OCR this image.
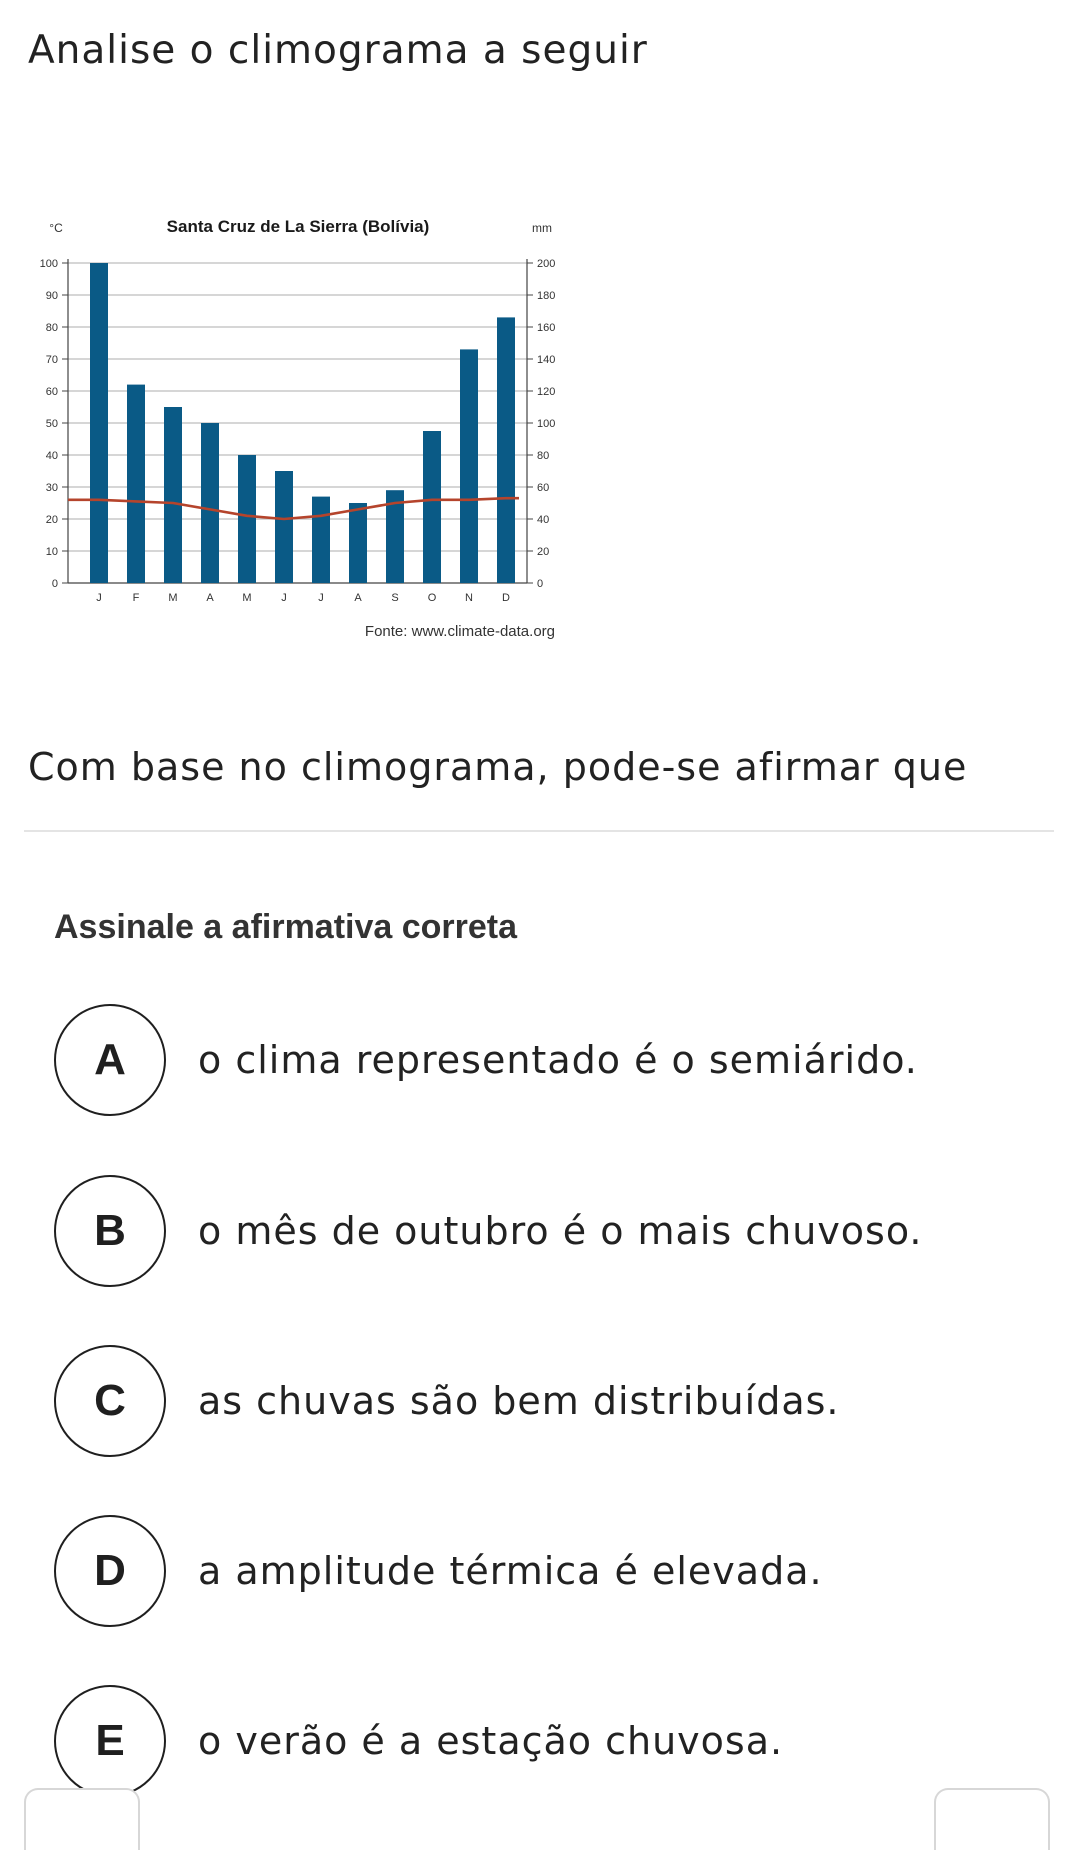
Analise o climograma a seguir
Santa Cruz de La Sierra (Bolívia)
°C	mm
0
10
20
30
40
50
60
70
80
90
100
0
20
40
60
80
100
120
140
160
180
200
J	F	M	A	M	J	J	A	S	O	N	D
Fonte: www.climate-data.org

Com base no climograma, pode-se afirmar que

Assinale a afirmativa correta

A	o clima representado é o semiárido.
B	o mês de outubro é o mais chuvoso.
C	as chuvas são bem distribuídas.
D	a amplitude térmica é elevada.
E	o verão é a estação chuvosa.
